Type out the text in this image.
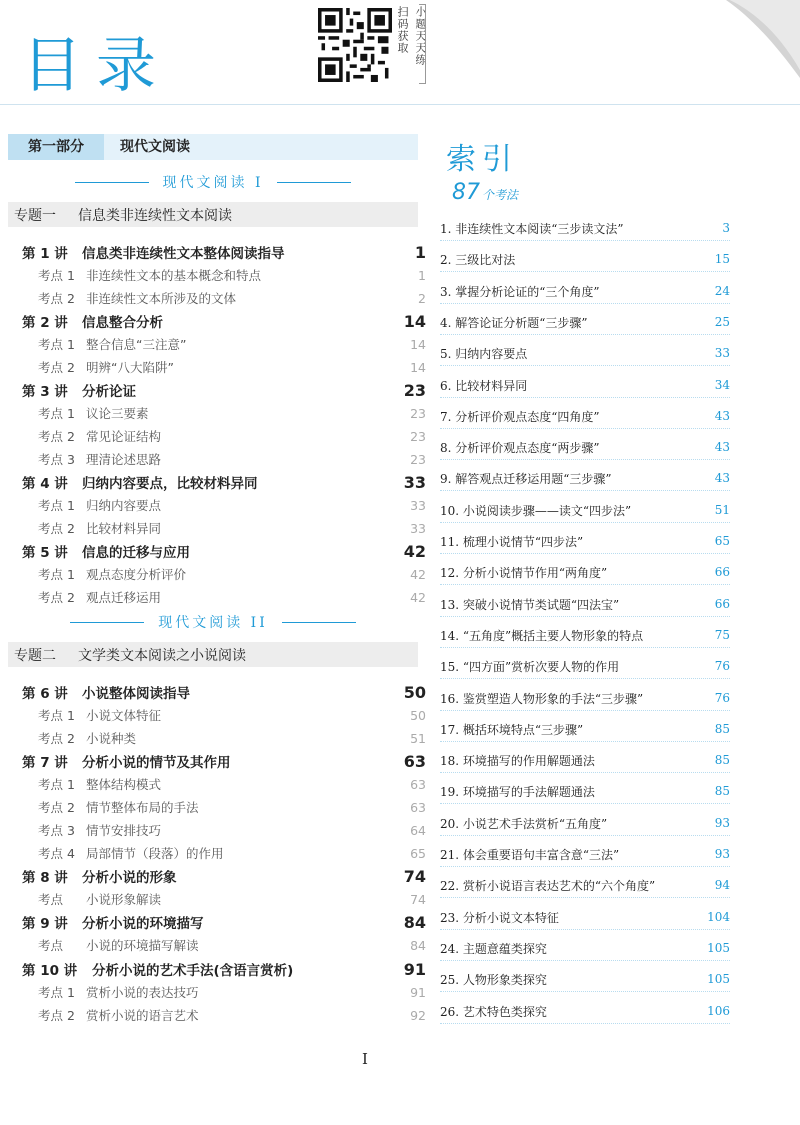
目录	小题天天练
扫码获取
第一部分	现代文阅读
现代文阅读 I
专题一	信息类非连续性文本阅读
第 1 讲	信息类非连续性文本整体阅读指导	1
考点 1 非连续性文本的基本概念和特点	1
考点 2 非连续性文本所涉及的文体	2
第 2 讲	信息整合分析	14
考点 1 整合信息“三注意”	14
考点 2 明辨“八大陷阱”	14
第 3 讲	分析论证	23
考点 1 议论三要素	23
考点 2 常见论证结构	23
考点 3 理清论述思路	23
第 4 讲	归纳内容要点，比较材料异同	33
考点 1 归纳内容要点	33
考点 2 比较材料异同	33
第 5 讲	信息的迁移与应用	42
考点 1 观点态度分析评价	42
考点 2 观点迁移运用	42
现代文阅读 II
专题二	文学类文本阅读之小说阅读
第 6 讲	小说整体阅读指导	50
考点 1 小说文体特征	50
考点 2 小说种类	51
第 7 讲	分析小说的情节及其作用	63
考点 1 整体结构模式	63
考点 2 情节整体布局的手法	63
考点 3 情节安排技巧	64
考点 4 局部情节（段落）的作用	65
第 8 讲	分析小说的形象	74
考点	小说形象解读	74
第 9 讲	分析小说的环境描写	84
考点	小说的环境描写解读	84
第 10 讲	分析小说的艺术手法(含语言赏析)	91
考点 1 赏析小说的表达技巧	91
考点 2 赏析小说的语言艺术	92
索引
87 个考法
1. 非连续性文本阅读“三步读文法”	3
2. 三级比对法	15
3. 掌握分析论证的“三个角度”	24
4. 解答论证分析题“三步骤”	25
5. 归纳内容要点	33
6. 比较材料异同	34
7. 分析评价观点态度“四角度”	43
8. 分析评价观点态度“两步骤”	43
9. 解答观点迁移运用题“三步骤”	43
10. 小说阅读步骤——读文“四步法”	51
11. 梳理小说情节“四步法”	65
12. 分析小说情节作用“两角度”	66
13. 突破小说情节类试题“四法宝”	66
14. “五角度”概括主要人物形象的特点	75
15. “四方面”赏析次要人物的作用	76
16. 鉴赏塑造人物形象的手法“三步骤”	76
17. 概括环境特点“三步骤”	85
18. 环境描写的作用解题通法	85
19. 环境描写的手法解题通法	85
20. 小说艺术手法赏析“五角度”	93
21. 体会重要语句丰富含意“三法”	93
22. 赏析小说语言表达艺术的“六个角度”	94
23. 分析小说文本特征	104
24. 主题意蕴类探究	105
25. 人物形象类探究	105
26. 艺术特色类探究	106
I
